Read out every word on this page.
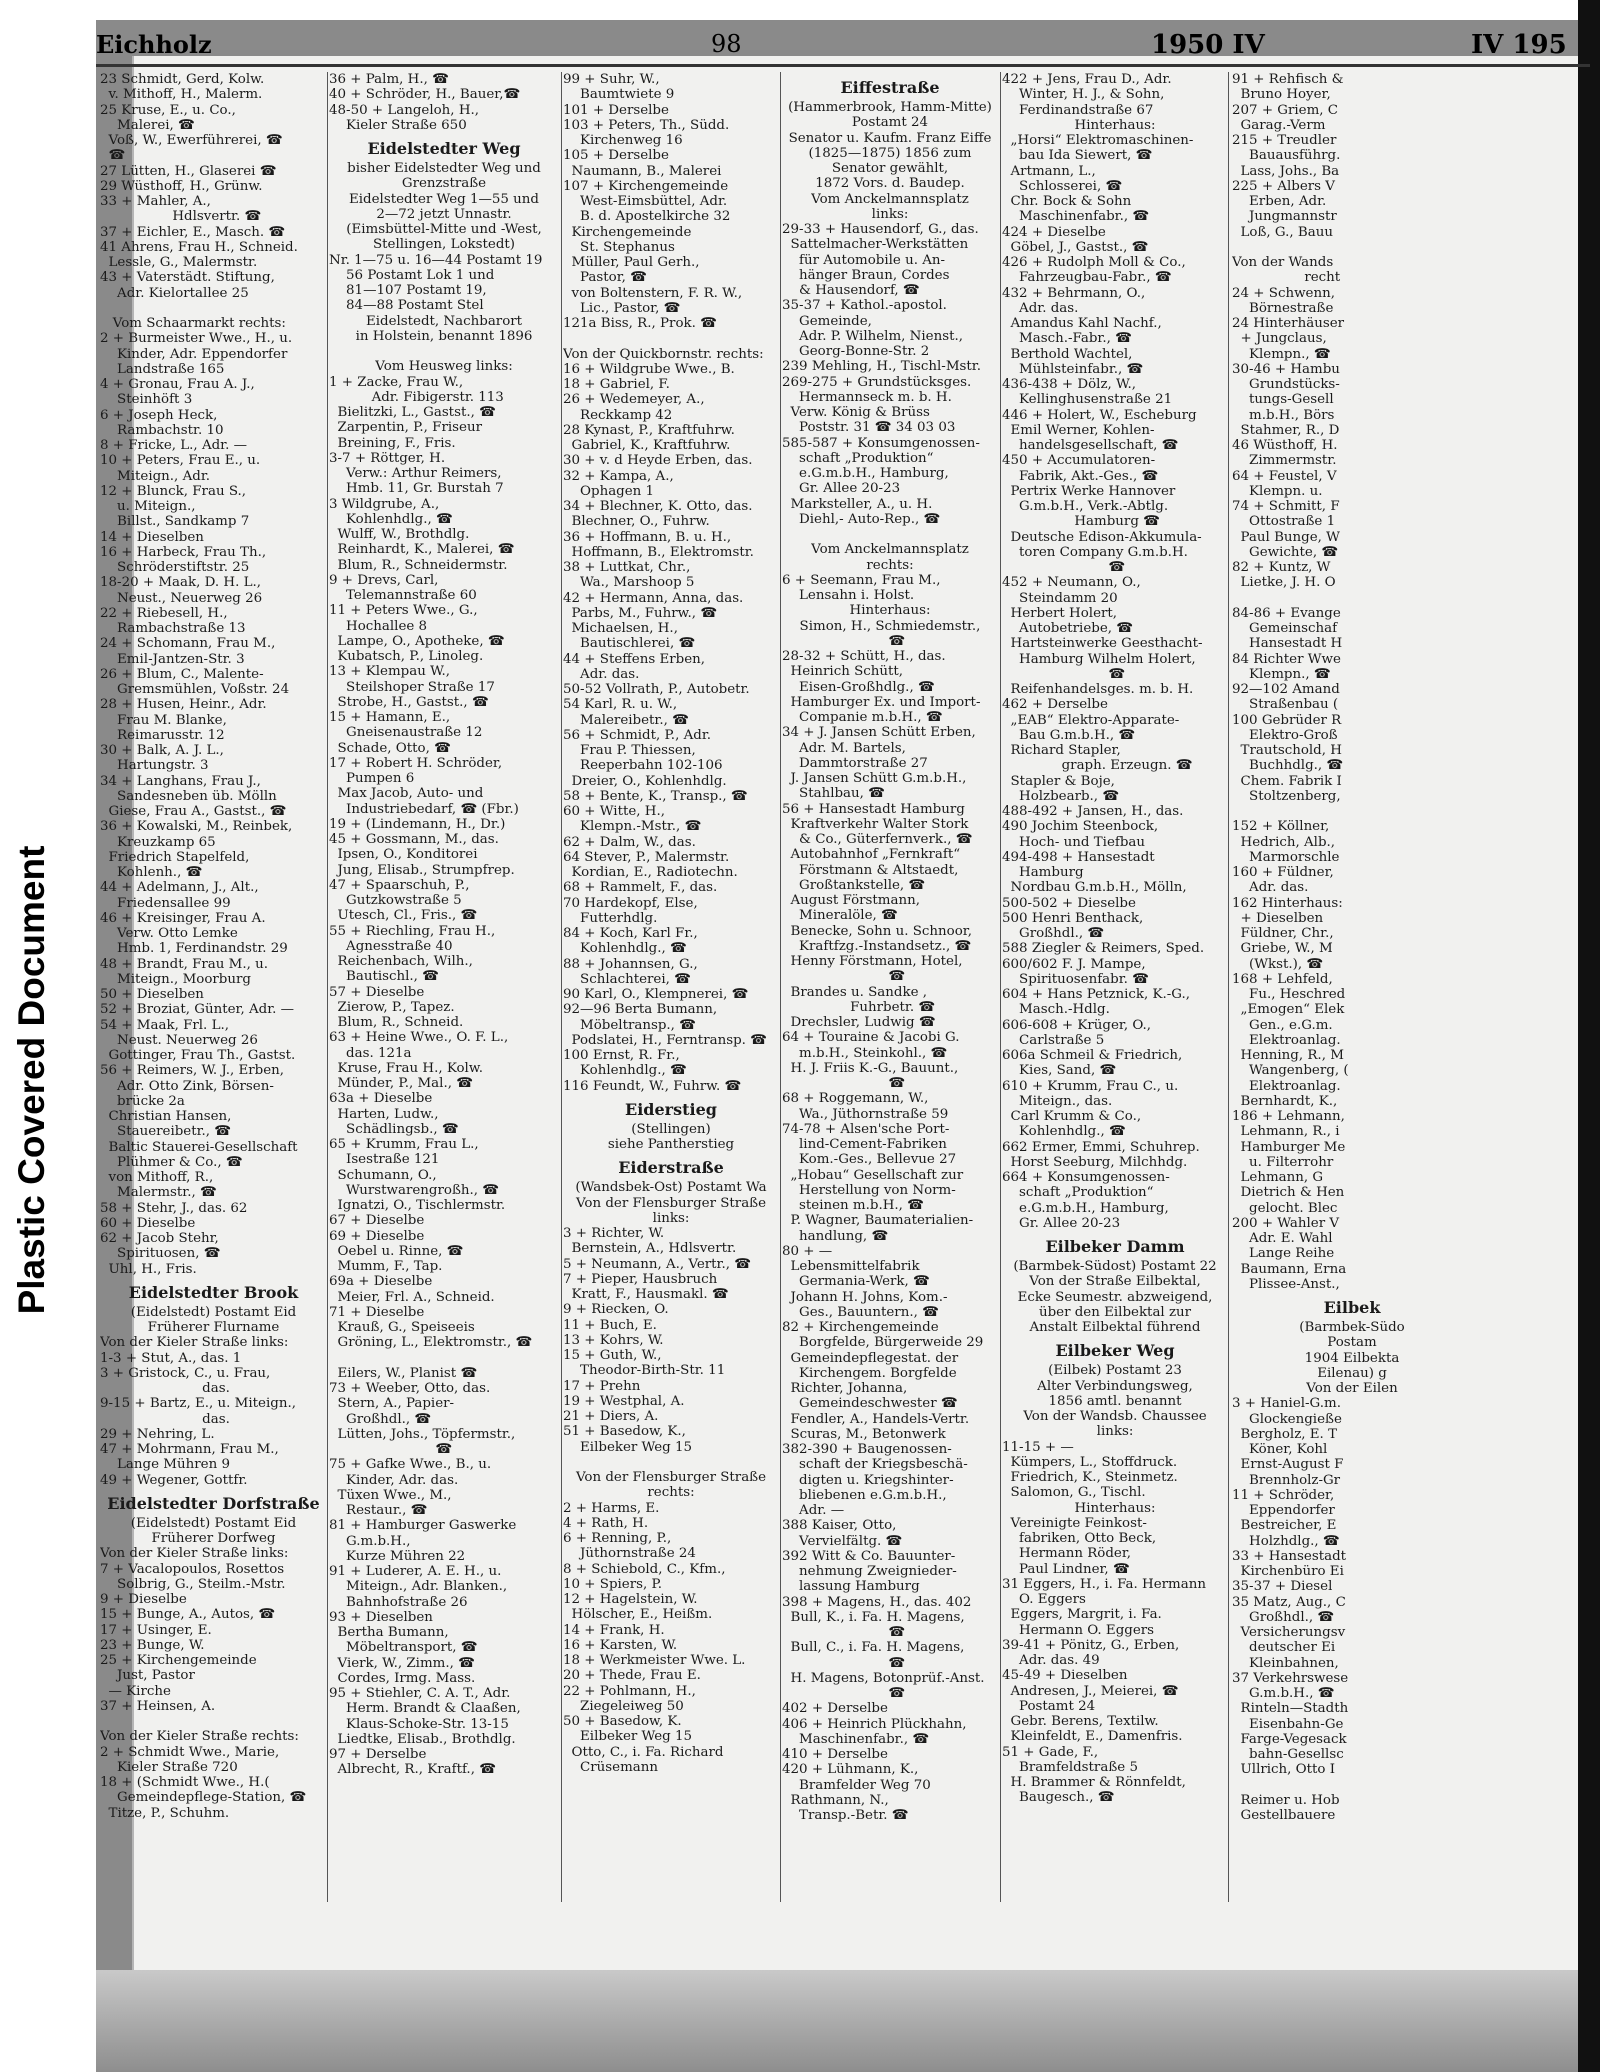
Plastic Covered Document
Eichholz	98	1950 IV	IV 195
23 Schmidt, Gerd, Kolw.
v. Mithoff, H., Malerm.
25 Kruse, E., u. Co.,
Malerei, ☎
Voß, W., Ewerführerei, ☎
☎
27 Lütten, H., Glaserei ☎
29 Wüsthoff, H., Grünw.
33 + Mahler, A.,
Hdlsvertr. ☎
37 + Eichler, E., Masch. ☎
41 Ahrens, Frau H., Schneid.
Lessle, G., Malermstr.
43 + Vaterstädt. Stiftung,
Adr. Kielortallee 25

Vom Schaarmarkt rechts:
2 + Burmeister Wwe., H., u.
Kinder, Adr. Eppendorfer
Landstraße 165
4 + Gronau, Frau A. J.,
Steinhöft 3
6 + Joseph Heck,
Rambachstr. 10
8 + Fricke, L., Adr. —
10 + Peters, Frau E., u.
Miteign., Adr.
12 + Blunck, Frau S.,
u. Miteign.,
Billst., Sandkamp 7
14 + Dieselben
16 + Harbeck, Frau Th.,
Schröderstiftstr. 25
18-20 + Maak, D. H. L.,
Neust., Neuerweg 26
22 + Riebesell, H.,
Rambachstraße 13
24 + Schomann, Frau M.,
Emil-Jantzen-Str. 3
26 + Blum, C., Malente-
Gremsmühlen, Voßstr. 24
28 + Husen, Heinr., Adr.
Frau M. Blanke,
Reimarusstr. 12
30 + Balk, A. J. L.,
Hartungstr. 3
34 + Langhans, Frau J.,
Sandesneben üb. Mölln
Giese, Frau A., Gastst., ☎
36 + Kowalski, M., Reinbek,
Kreuzkamp 65
Friedrich Stapelfeld,
Kohlenh., ☎
44 + Adelmann, J., Alt.,
Friedensallee 99
46 + Kreisinger, Frau A.
Verw. Otto Lemke
Hmb. 1, Ferdinandstr. 29
48 + Brandt, Frau M., u.
Miteign., Moorburg
50 + Dieselben
52 + Broziat, Günter, Adr. —
54 + Maak, Frl. L.,
Neust. Neuerweg 26
Gottinger, Frau Th., Gastst.
56 + Reimers, W. J., Erben,
Adr. Otto Zink, Börsen-
brücke 2a
Christian Hansen,
Stauereibetr., ☎
Baltic Stauerei-Gesellschaft
Plühmer & Co., ☎
von Mithoff, R.,
Malermstr., ☎
58 + Stehr, J., das. 62
60 + Dieselbe
62 + Jacob Stehr,
Spirituosen, ☎
Uhl, H., Fris.
Eidelstedter Brook
(Eidelstedt) Postamt Eid
Früherer Flurname
Von der Kieler Straße links:
1-3 + Stut, A., das. 1
3 + Gristock, C., u. Frau,
das.
9-15 + Bartz, E., u. Miteign.,
das.
29 + Nehring, L.
47 + Mohrmann, Frau M.,
Lange Mühren 9
49 + Wegener, Gottfr.
Eidelstedter Dorfstraße
(Eidelstedt) Postamt Eid
Früherer Dorfweg
Von der Kieler Straße links:
7 + Vacalopoulos, Rosettos
Solbrig, G., Steilm.-Mstr.
9 + Dieselbe
15 + Bunge, A., Autos, ☎
17 + Usinger, E.
23 + Bunge, W.
25 + Kirchengemeinde
Just, Pastor
— Kirche
37 + Heinsen, A.

Von der Kieler Straße rechts:
2 + Schmidt Wwe., Marie,
Kieler Straße 720
18 + (Schmidt Wwe., H.(
Gemeindepflege-Station, ☎
Titze, P., Schuhm.
36 + Palm, H., ☎
40 + Schröder, H., Bauer,☎
48-50 + Langeloh, H.,
Kieler Straße 650
Eidelstedter Weg
bisher Eidelstedter Weg und
Grenzstraße
Eidelstedter Weg 1—55 und
2—72 jetzt Unnastr.
(Eimsbüttel-Mitte und -West,
Stellingen, Lokstedt)
Nr. 1—75 u. 16—44 Postamt 19
56 Postamt Lok 1 und
81—107 Postamt 19,
84—88 Postamt Stel
Eidelstedt, Nachbarort
in Holstein, benannt 1896

Vom Heusweg links:
1 + Zacke, Frau W.,
Adr. Fibigerstr. 113
Bielitzki, L., Gastst., ☎
Zarpentin, P., Friseur
Breining, F., Fris.
3-7 + Röttger, H.
Verw.: Arthur Reimers,
Hmb. 11, Gr. Burstah 7
3 Wildgrube, A.,
Kohlenhdlg., ☎
Wulff, W., Brothdlg.
Reinhardt, K., Malerei, ☎
Blum, R., Schneidermstr.
9 + Drevs, Carl,
Telemannstraße 60
11 + Peters Wwe., G.,
Hochallee 8
Lampe, O., Apotheke, ☎
Kubatsch, P., Linoleg.
13 + Klempau W.,
Steilshoper Straße 17
Strobe, H., Gastst., ☎
15 + Hamann, E.,
Gneisenaustraße 12
Schade, Otto, ☎
17 + Robert H. Schröder,
Pumpen 6
Max Jacob, Auto- und
Industriebedarf, ☎ (Fbr.)
19 + (Lindemann, H., Dr.)
45 + Gossmann, M., das.
Ipsen, O., Konditorei
Jung, Elisab., Strumpfrep.
47 + Spaarschuh, P.,
Gutzkowstraße 5
Utesch, Cl., Fris., ☎
55 + Riechling, Frau H.,
Agnesstraße 40
Reichenbach, Wilh.,
Bautischl., ☎
57 + Dieselbe
Zierow, P., Tapez.
Blum, R., Schneid.
63 + Heine Wwe., O. F. L.,
das. 121a
Kruse, Frau H., Kolw.
Münder, P., Mal., ☎
63a + Dieselbe
Harten, Ludw.,
Schädlingsb., ☎
65 + Krumm, Frau L.,
Isestraße 121
Schumann, O.,
Wurstwarengroßh., ☎
Ignatzi, O., Tischlermstr.
67 + Dieselbe
69 + Dieselbe
Oebel u. Rinne, ☎
Mumm, F., Tap.
69a + Dieselbe
Meier, Frl. A., Schneid.
71 + Dieselbe
Krauß, G., Speiseeis
Gröning, L., Elektromstr., ☎

Eilers, W., Planist ☎
73 + Weeber, Otto, das.
Stern, A., Papier-
Großhdl., ☎
Lütten, Johs., Töpfermstr.,
☎
75 + Gafke Wwe., B., u.
Kinder, Adr. das.
Tüxen Wwe., M.,
Restaur., ☎
81 + Hamburger Gaswerke
G.m.b.H.,
Kurze Mühren 22
91 + Luderer, A. E. H., u.
Miteign., Adr. Blanken.,
Bahnhofstraße 26
93 + Dieselben
Bertha Bumann,
Möbeltransport, ☎
Vierk, W., Zimm., ☎
Cordes, Irmg. Mass.
95 + Stiehler, C. A. T., Adr.
Herm. Brandt & Claaßen,
Klaus-Schoke-Str. 13-15
Liedtke, Elisab., Brothdlg.
97 + Derselbe
Albrecht, R., Kraftf., ☎
99 + Suhr, W.,
Baumtwiete 9
101 + Derselbe
103 + Peters, Th., Südd.
Kirchenweg 16
105 + Derselbe
Naumann, B., Malerei
107 + Kirchengemeinde
West-Eimsbüttel, Adr.
B. d. Apostelkirche 32
Kirchengemeinde
St. Stephanus
Müller, Paul Gerh.,
Pastor, ☎
von Boltenstern, F. R. W.,
Lic., Pastor, ☎
121a Biss, R., Prok. ☎

Von der Quickbornstr. rechts:
16 + Wildgrube Wwe., B.
18 + Gabriel, F.
26 + Wedemeyer, A.,
Reckkamp 42
28 Kynast, P., Kraftfuhrw.
Gabriel, K., Kraftfuhrw.
30 + v. d Heyde Erben, das.
32 + Kampa, A.,
Ophagen 1
34 + Blechner, K. Otto, das.
Blechner, O., Fuhrw.
36 + Hoffmann, B. u. H.,
Hoffmann, B., Elektromstr.
38 + Luttkat, Chr.,
Wa., Marshoop 5
42 + Hermann, Anna, das.
Parbs, M., Fuhrw., ☎
Michaelsen, H.,
Bautischlerei, ☎
44 + Steffens Erben,
Adr. das.
50-52 Vollrath, P., Autobetr.
54 Karl, R. u. W.,
Malereibetr., ☎
56 + Schmidt, P., Adr.
Frau P. Thiessen,
Reeperbahn 102-106
Dreier, O., Kohlenhdlg.
58 + Bente, K., Transp., ☎
60 + Witte, H.,
Klempn.-Mstr., ☎
62 + Dalm, W., das.
64 Stever, P., Malermstr.
Kordian, E., Radiotechn.
68 + Rammelt, F., das.
70 Hardekopf, Else,
Futterhdlg.
84 + Koch, Karl Fr.,
Kohlenhdlg., ☎
88 + Johannsen, G.,
Schlachterei, ☎
90 Karl, O., Klempnerei, ☎
92—96 Berta Bumann,
Möbeltransp., ☎
Podslatei, H., Ferntransp. ☎
100 Ernst, R. Fr.,
Kohlenhdlg., ☎
116 Feundt, W., Fuhrw. ☎
Eiderstieg
(Stellingen)
siehe Pantherstieg
Eiderstraße
(Wandsbek-Ost) Postamt Wa
Von der Flensburger Straße
links:
3 + Richter, W.
Bernstein, A., Hdlsvertr.
5 + Neumann, A., Vertr., ☎
7 + Pieper, Hausbruch
Kratt, F., Hausmakl. ☎
9 + Riecken, O.
11 + Buch, E.
13 + Kohrs, W.
15 + Guth, W.,
Theodor-Birth-Str. 11
17 + Prehn
19 + Westphal, A.
21 + Diers, A.
51 + Basedow, K.,
Eilbeker Weg 15

Von der Flensburger Straße
rechts:
2 + Harms, E.
4 + Rath, H.
6 + Renning, P.,
Jüthornstraße 24
8 + Schiebold, C., Kfm.,
10 + Spiers, P.
12 + Hagelstein, W.
Hölscher, E., Heißm.
14 + Frank, H.
16 + Karsten, W.
18 + Werkmeister Wwe. L.
20 + Thede, Frau E.
22 + Pohlmann, H.,
Ziegeleiweg 50
50 + Basedow, K.
Eilbeker Weg 15
Otto, C., i. Fa. Richard
Crüsemann
Eiffestraße
(Hammerbrook, Hamm-Mitte)
Postamt 24
Senator u. Kaufm. Franz Eiffe
(1825—1875) 1856 zum
Senator gewählt,
1872 Vors. d. Baudep.
Vom Anckelmannsplatz
links:
29-33 + Hausendorf, G., das.
Sattelmacher-Werkstätten
für Automobile u. An-
hänger Braun, Cordes
& Hausendorf, ☎
35-37 + Kathol.-apostol.
Gemeinde,
Adr. P. Wilhelm, Nienst.,
Georg-Bonne-Str. 2
239 Mehling, H., Tischl-Mstr.
269-275 + Grundstücksges.
Hermannseck m. b. H.
Verw. König & Brüss
Poststr. 31 ☎ 34 03 03
585-587 + Konsumgenossen-
schaft „Produktion“
e.G.m.b.H., Hamburg,
Gr. Allee 20-23
Marksteller, A., u. H.
Diehl,- Auto-Rep., ☎

Vom Anckelmannsplatz
rechts:
6 + Seemann, Frau M.,
Lensahn i. Holst.
Hinterhaus:
Simon, H., Schmiedemstr.,
☎
28-32 + Schütt, H., das.
Heinrich Schütt,
Eisen-Großhdlg., ☎
Hamburger Ex. und Import-
Companie m.b.H., ☎
34 + J. Jansen Schütt Erben,
Adr. M. Bartels,
Dammtorstraße 27
J. Jansen Schütt G.m.b.H.,
Stahlbau, ☎
56 + Hansestadt Hamburg
Kraftverkehr Walter Stork
& Co., Güterfernverk., ☎
Autobahnhof „Fernkraft“
Förstmann & Altstaedt,
Großtankstelle, ☎
August Förstmann,
Mineralöle, ☎
Benecke, Sohn u. Schnoor,
Kraftfzg.-Instandsetz., ☎
Henny Förstmann, Hotel,
☎
Brandes u. Sandke ,
Fuhrbetr. ☎
Drechsler, Ludwig ☎
64 + Touraine & Jacobi G.
m.b.H., Steinkohl., ☎
H. J. Friis K.-G., Bauunt.,
☎
68 + Roggemann, W.,
Wa., Jüthornstraße 59
74-78 + Alsen'sche Port-
lind-Cement-Fabriken
Kom.-Ges., Bellevue 27
„Hobau“ Gesellschaft zur
Herstellung von Norm-
steinen m.b.H., ☎
P. Wagner, Baumaterialien-
handlung, ☎
80 + —
Lebensmittelfabrik
Germania-Werk, ☎
Johann H. Johns, Kom.-
Ges., Bauuntern., ☎
82 + Kirchengemeinde
Borgfelde, Bürgerweide 29
Gemeindepflegestat. der
Kirchengem. Borgfelde
Richter, Johanna,
Gemeindeschwester ☎
Fendler, A., Handels-Vertr.
Scuras, M., Betonwerk
382-390 + Baugenossen-
schaft der Kriegsbeschä-
digten u. Kriegshinter-
bliebenen e.G.m.b.H.,
Adr. —
388 Kaiser, Otto,
Vervielfältg. ☎
392 Witt & Co. Bauunter-
nehmung Zweignieder-
lassung Hamburg
398 + Magens, H., das. 402
Bull, K., i. Fa. H. Magens,
☎
Bull, C., i. Fa. H. Magens,
☎
H. Magens, Botonprüf.-Anst.
☎
402 + Derselbe
406 + Heinrich Plückhahn,
Maschinenfabr., ☎
410 + Derselbe
420 + Lühmann, K.,
Bramfelder Weg 70
Rathmann, N.,
Transp.-Betr. ☎
422 + Jens, Frau D., Adr.
Winter, H. J., & Sohn,
Ferdinandstraße 67
Hinterhaus:
„Horsi“ Elektromaschinen-
bau Ida Siewert, ☎
Artmann, L.,
Schlosserei, ☎
Chr. Bock & Sohn
Maschinenfabr., ☎
424 + Dieselbe
Göbel, J., Gastst., ☎
426 + Rudolph Moll & Co.,
Fahrzeugbau-Fabr., ☎
432 + Behrmann, O.,
Adr. das.
Amandus Kahl Nachf.,
Masch.-Fabr., ☎
Berthold Wachtel,
Mühlsteinfabr., ☎
436-438 + Dölz, W.,
Kellinghusenstraße 21
446 + Holert, W., Escheburg
Emil Werner, Kohlen-
handelsgesellschaft, ☎
450 + Accumulatoren-
Fabrik, Akt.-Ges., ☎
Pertrix Werke Hannover
G.m.b.H., Verk.-Abtlg.
Hamburg ☎
Deutsche Edison-Akkumula-
toren Company G.m.b.H.
☎
452 + Neumann, O.,
Steindamm 20
Herbert Holert,
Autobetriebe, ☎
Hartsteinwerke Geesthacht-
Hamburg Wilhelm Holert,
☎
Reifenhandelsges. m. b. H.
462 + Derselbe
„EAB“ Elektro-Apparate-
Bau G.m.b.H., ☎
Richard Stapler,
graph. Erzeugn. ☎
Stapler & Boje,
Holzbearb., ☎
488-492 + Jansen, H., das.
490 Jochim Steenbock,
Hoch- und Tiefbau
494-498 + Hansestadt
Hamburg
Nordbau G.m.b.H., Mölln,
500-502 + Dieselbe
500 Henri Benthack,
Großhdl., ☎
588 Ziegler & Reimers, Sped.
600/602 F. J. Mampe,
Spirituosenfabr. ☎
604 + Hans Petznick, K.-G.,
Masch.-Hdlg.
606-608 + Krüger, O.,
Carlstraße 5
606a Schmeil & Friedrich,
Kies, Sand, ☎
610 + Krumm, Frau C., u.
Miteign., das.
Carl Krumm & Co.,
Kohlenhdlg., ☎
662 Ermer, Emmi, Schuhrep.
Horst Seeburg, Milchhdg.
664 + Konsumgenossen-
schaft „Produktion“
e.G.m.b.H., Hamburg,
Gr. Allee 20-23
Eilbeker Damm
(Barmbek-Südost) Postamt 22
Von der Straße Eilbektal,
Ecke Seumestr. abzweigend,
über den Eilbektal zur
Anstalt Eilbektal führend
Eilbeker Weg
(Eilbek) Postamt 23
Alter Verbindungsweg,
1856 amtl. benannt
Von der Wandsb. Chaussee
links:
11-15 + —
Kümpers, L., Stoffdruck.
Friedrich, K., Steinmetz.
Salomon, G., Tischl.
Hinterhaus:
Vereinigte Feinkost-
fabriken, Otto Beck,
Hermann Röder,
Paul Lindner, ☎
31 Eggers, H., i. Fa. Hermann
O. Eggers
Eggers, Margrit, i. Fa.
Hermann O. Eggers
39-41 + Pönitz, G., Erben,
Adr. das. 49
45-49 + Dieselben
Andresen, J., Meierei, ☎
Postamt 24
Gebr. Berens, Textilw.
Kleinfeldt, E., Damenfris.
51 + Gade, F.,
Bramfeldstraße 5
H. Brammer & Rönnfeldt,
Baugesch., ☎
91 + Rehfisch &
Bruno Hoyer,
207 + Griem, C
Garag.-Verm
215 + Treudler
Bauausführg.
Lass, Johs., Ba
225 + Albers V
Erben, Adr.
Jungmannstr
Loß, G., Bauu

Von der Wands
recht
24 + Schwenn,
Börnestraße
24 Hinterhäuser
+ Jungclaus,
Klempn., ☎
30-46 + Hambu
Grundstücks-
tungs-Gesell
m.b.H., Börs
Stahmer, R., D
46 Wüsthoff, H.
Zimmermstr.
64 + Feustel, V
Klempn. u.
74 + Schmitt, F
Ottostraße 1
Paul Bunge, W
Gewichte, ☎
82 + Kuntz, W
Lietke, J. H. O

84-86 + Evange
Gemeinschaf
Hansestadt H
84 Richter Wwe
Klempn., ☎
92—102 Amand
Straßenbau (
100 Gebrüder R
Elektro-Groß
Trautschold, H
Buchhdlg., ☎
Chem. Fabrik I
Stoltzenberg,

152 + Köllner,
Hedrich, Alb.,
Marmorschle
160 + Füldner,
Adr. das.
162 Hinterhaus:
+ Dieselben
Füldner, Chr.,
Griebe, W., M
(Wkst.), ☎
168 + Lehfeld,
Fu., Heschred
„Emogen“ Elek
Gen., e.G.m.
Elektroanlag.
Henning, R., M
Wangenberg, (
Elektroanlag.
Bernhardt, K.,
186 + Lehmann,
Lehmann, R., i
Hamburger Me
u. Filterrohr
Lehmann, G
Dietrich & Hen
gelocht. Blec
200 + Wahler V
Adr. E. Wahl
Lange Reihe
Baumann, Erna
Plissee-Anst.,
Eilbek
(Barmbek-Südo
Postam
1904 Eilbekta
Eilenau) g
Von der Eilen
3 + Haniel-G.m.
Glockengieße
Bergholz, E. T
Köner, Kohl
Ernst-August F
Brennholz-Gr
11 + Schröder,
Eppendorfer
Bestreicher, E
Holzhdlg., ☎
33 + Hansestadt
Kirchenbüro Ei
35-37 + Diesel
35 Matz, Aug., C
Großhdl., ☎
Versicherungsv
deutscher Ei
Kleinbahnen,
37 Verkehrswese
G.m.b.H., ☎
Rinteln—Stadth
Eisenbahn-Ge
Farge-Vegesack
bahn-Gesellsc
Ullrich, Otto I

Reimer u. Hob
Gestellbauere
